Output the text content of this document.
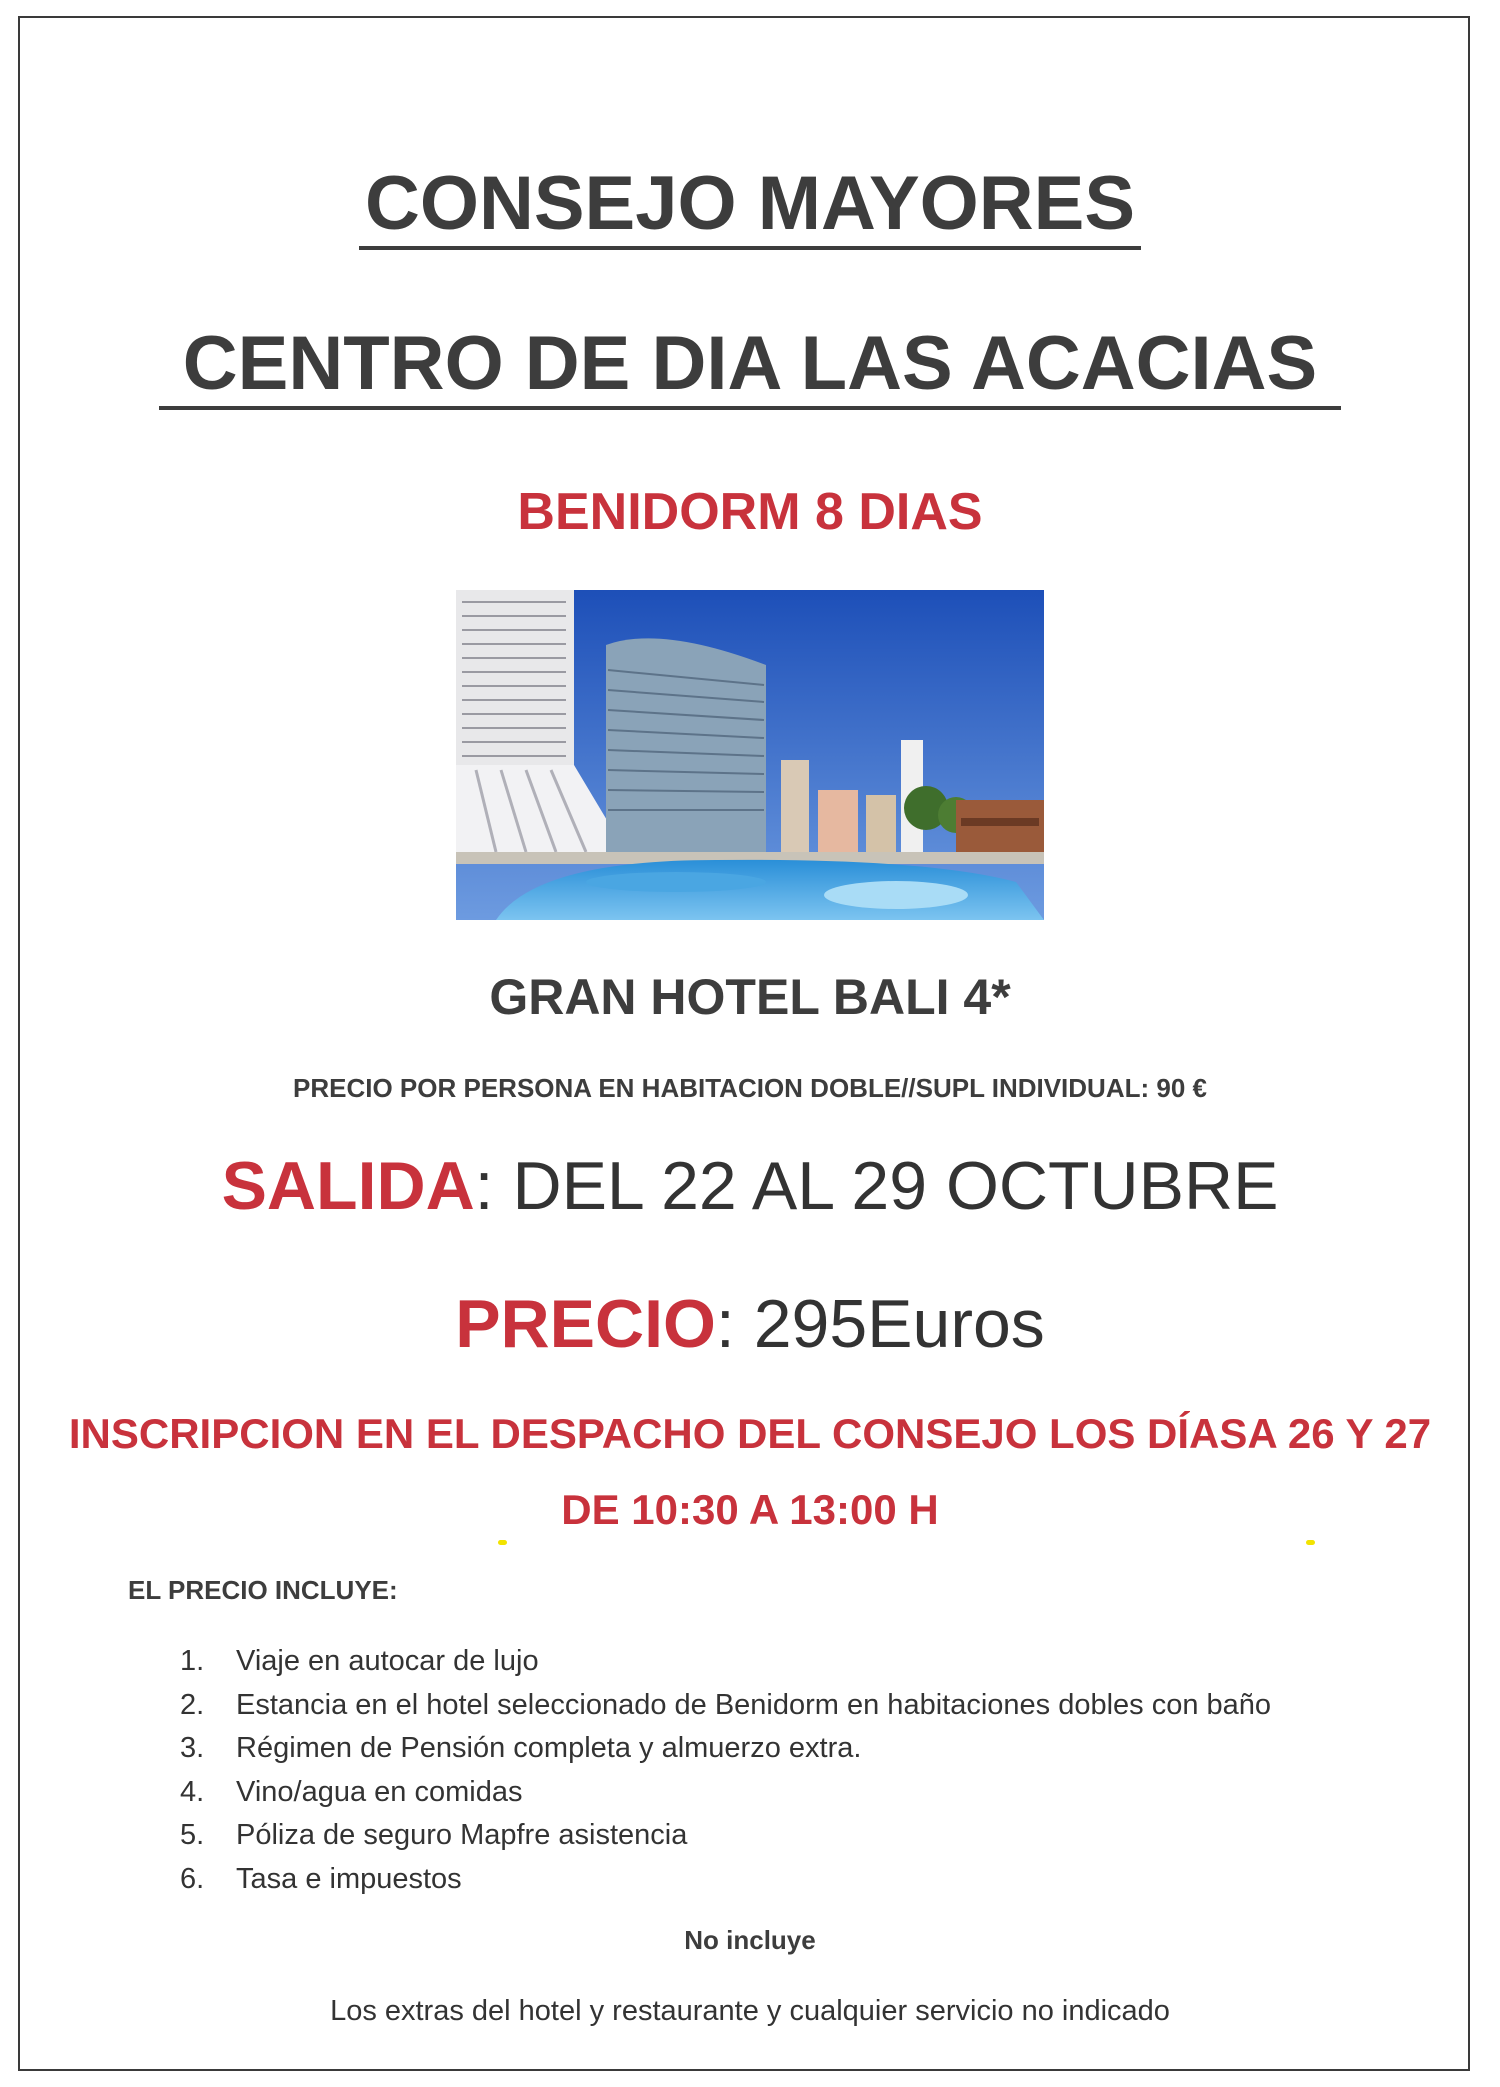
CONSEJO MAYORES
CENTRO DE DIA LAS ACACIAS
BENIDORM 8 DIAS
GRAN HOTEL BALI 4*
PRECIO POR PERSONA EN HABITACION DOBLE//SUPL INDIVIDUAL: 90 €
SALIDA: DEL 22 AL 29 OCTUBRE
PRECIO: 295Euros
INSCRIPCION EN EL DESPACHO DEL CONSEJO LOS DÍASA 26 Y 27
DE 10:30 A 13:00 H
EL PRECIO INCLUYE:
1. Viaje en autocar de lujo
2. Estancia en el hotel seleccionado de Benidorm en habitaciones dobles con baño
3. Régimen de Pensión completa y almuerzo extra.
4. Vino/agua en comidas
5. Póliza de seguro Mapfre asistencia
6. Tasa e impuestos
No incluye
Los extras del hotel y restaurante y cualquier servicio no indicado
